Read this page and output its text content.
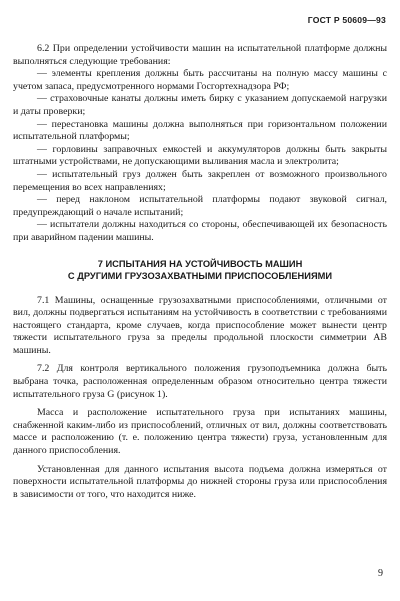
ГОСТ Р 50609—93

6.2 При определении устойчивости машин на испытательной платформе должны выполняться следующие требования:

— элементы крепления должны быть рассчитаны на полную массу машины с учетом запаса, предусмотренного нормами Госгортехнадзора РФ;

— страховочные канаты должны иметь бирку с указанием допускаемой нагрузки и даты проверки;

— перестановка машины должна выполняться при горизонтальном положении испытательной платформы;

— горловины заправочных емкостей и аккумуляторов должны быть закрыты штатными устройствами, не допускающими выливания масла и электролита;

— испытательный груз должен быть закреплен от возможного произвольного перемещения во всех направлениях;

— перед наклоном испытательной платформы подают звуковой сигнал, предупреждающий о начале испытаний;

— испытатели должны находиться со стороны, обеспечивающей их безопасность при аварийном падении машины.

7 ИСПЫТАНИЯ НА УСТОЙЧИВОСТЬ МАШИН
С ДРУГИМИ ГРУЗОЗАХВАТНЫМИ ПРИСПОСОБЛЕНИЯМИ

7.1 Машины, оснащенные грузозахватными приспособлениями, отличными от вил, должны подвергаться испытаниям на устойчивость в соответствии с требованиями настоящего стандарта, кроме случаев, когда приспособление может вынести центр тяжести испытательного груза за пределы продольной плоскости симметрии АВ машины.

7.2 Для контроля вертикального положения грузоподъемника должна быть выбрана точка, расположенная определенным образом относительно центра тяжести испытательного груза G (рисунок 1).

Масса и расположение испытательного груза при испытаниях машины, снабженной каким-либо из приспособлений, отличных от вил, должны соответствовать массе и расположению (т. е. положению центра тяжести) груза, установленным для данного приспособления.

Установленная для данного испытания высота подъема должна измеряться от поверхности испытательной платформы до нижней стороны груза или приспособления в зависимости от того, что находится ниже.

9
